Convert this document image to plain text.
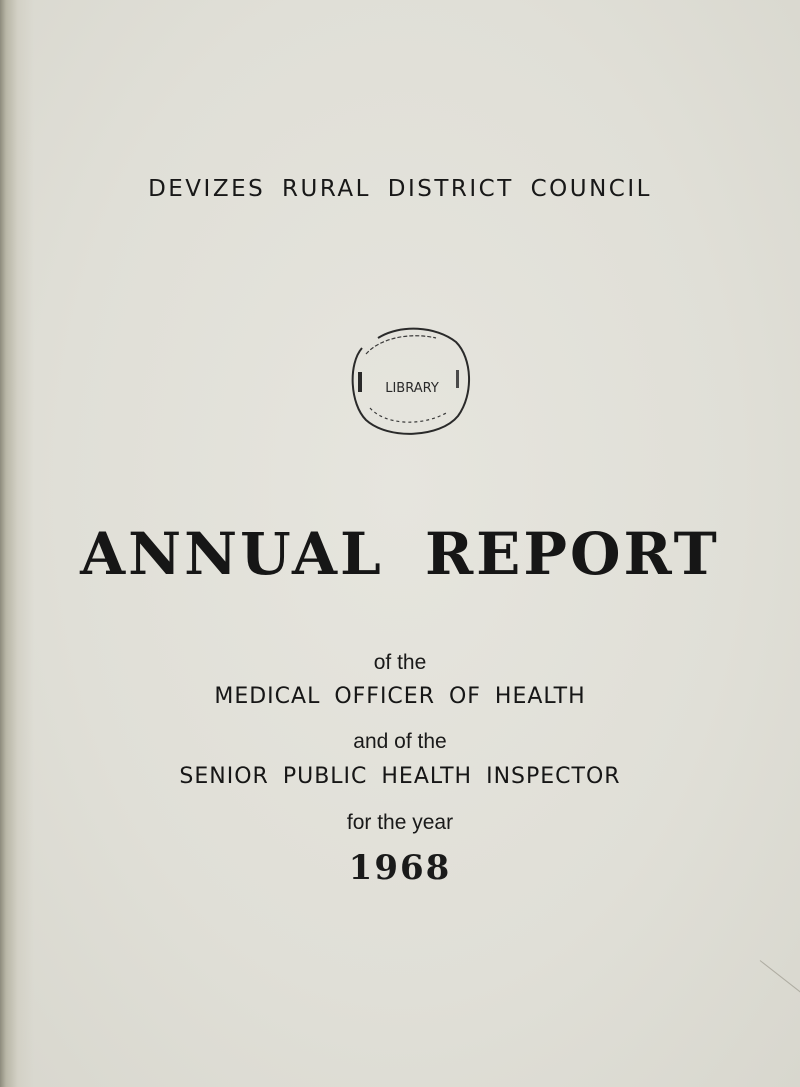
DEVIZES RURAL DISTRICT COUNCIL
LIBRARY
ANNUAL REPORT
of the
MEDICAL OFFICER OF HEALTH
and of the
SENIOR PUBLIC HEALTH INSPECTOR
for the year
1968
